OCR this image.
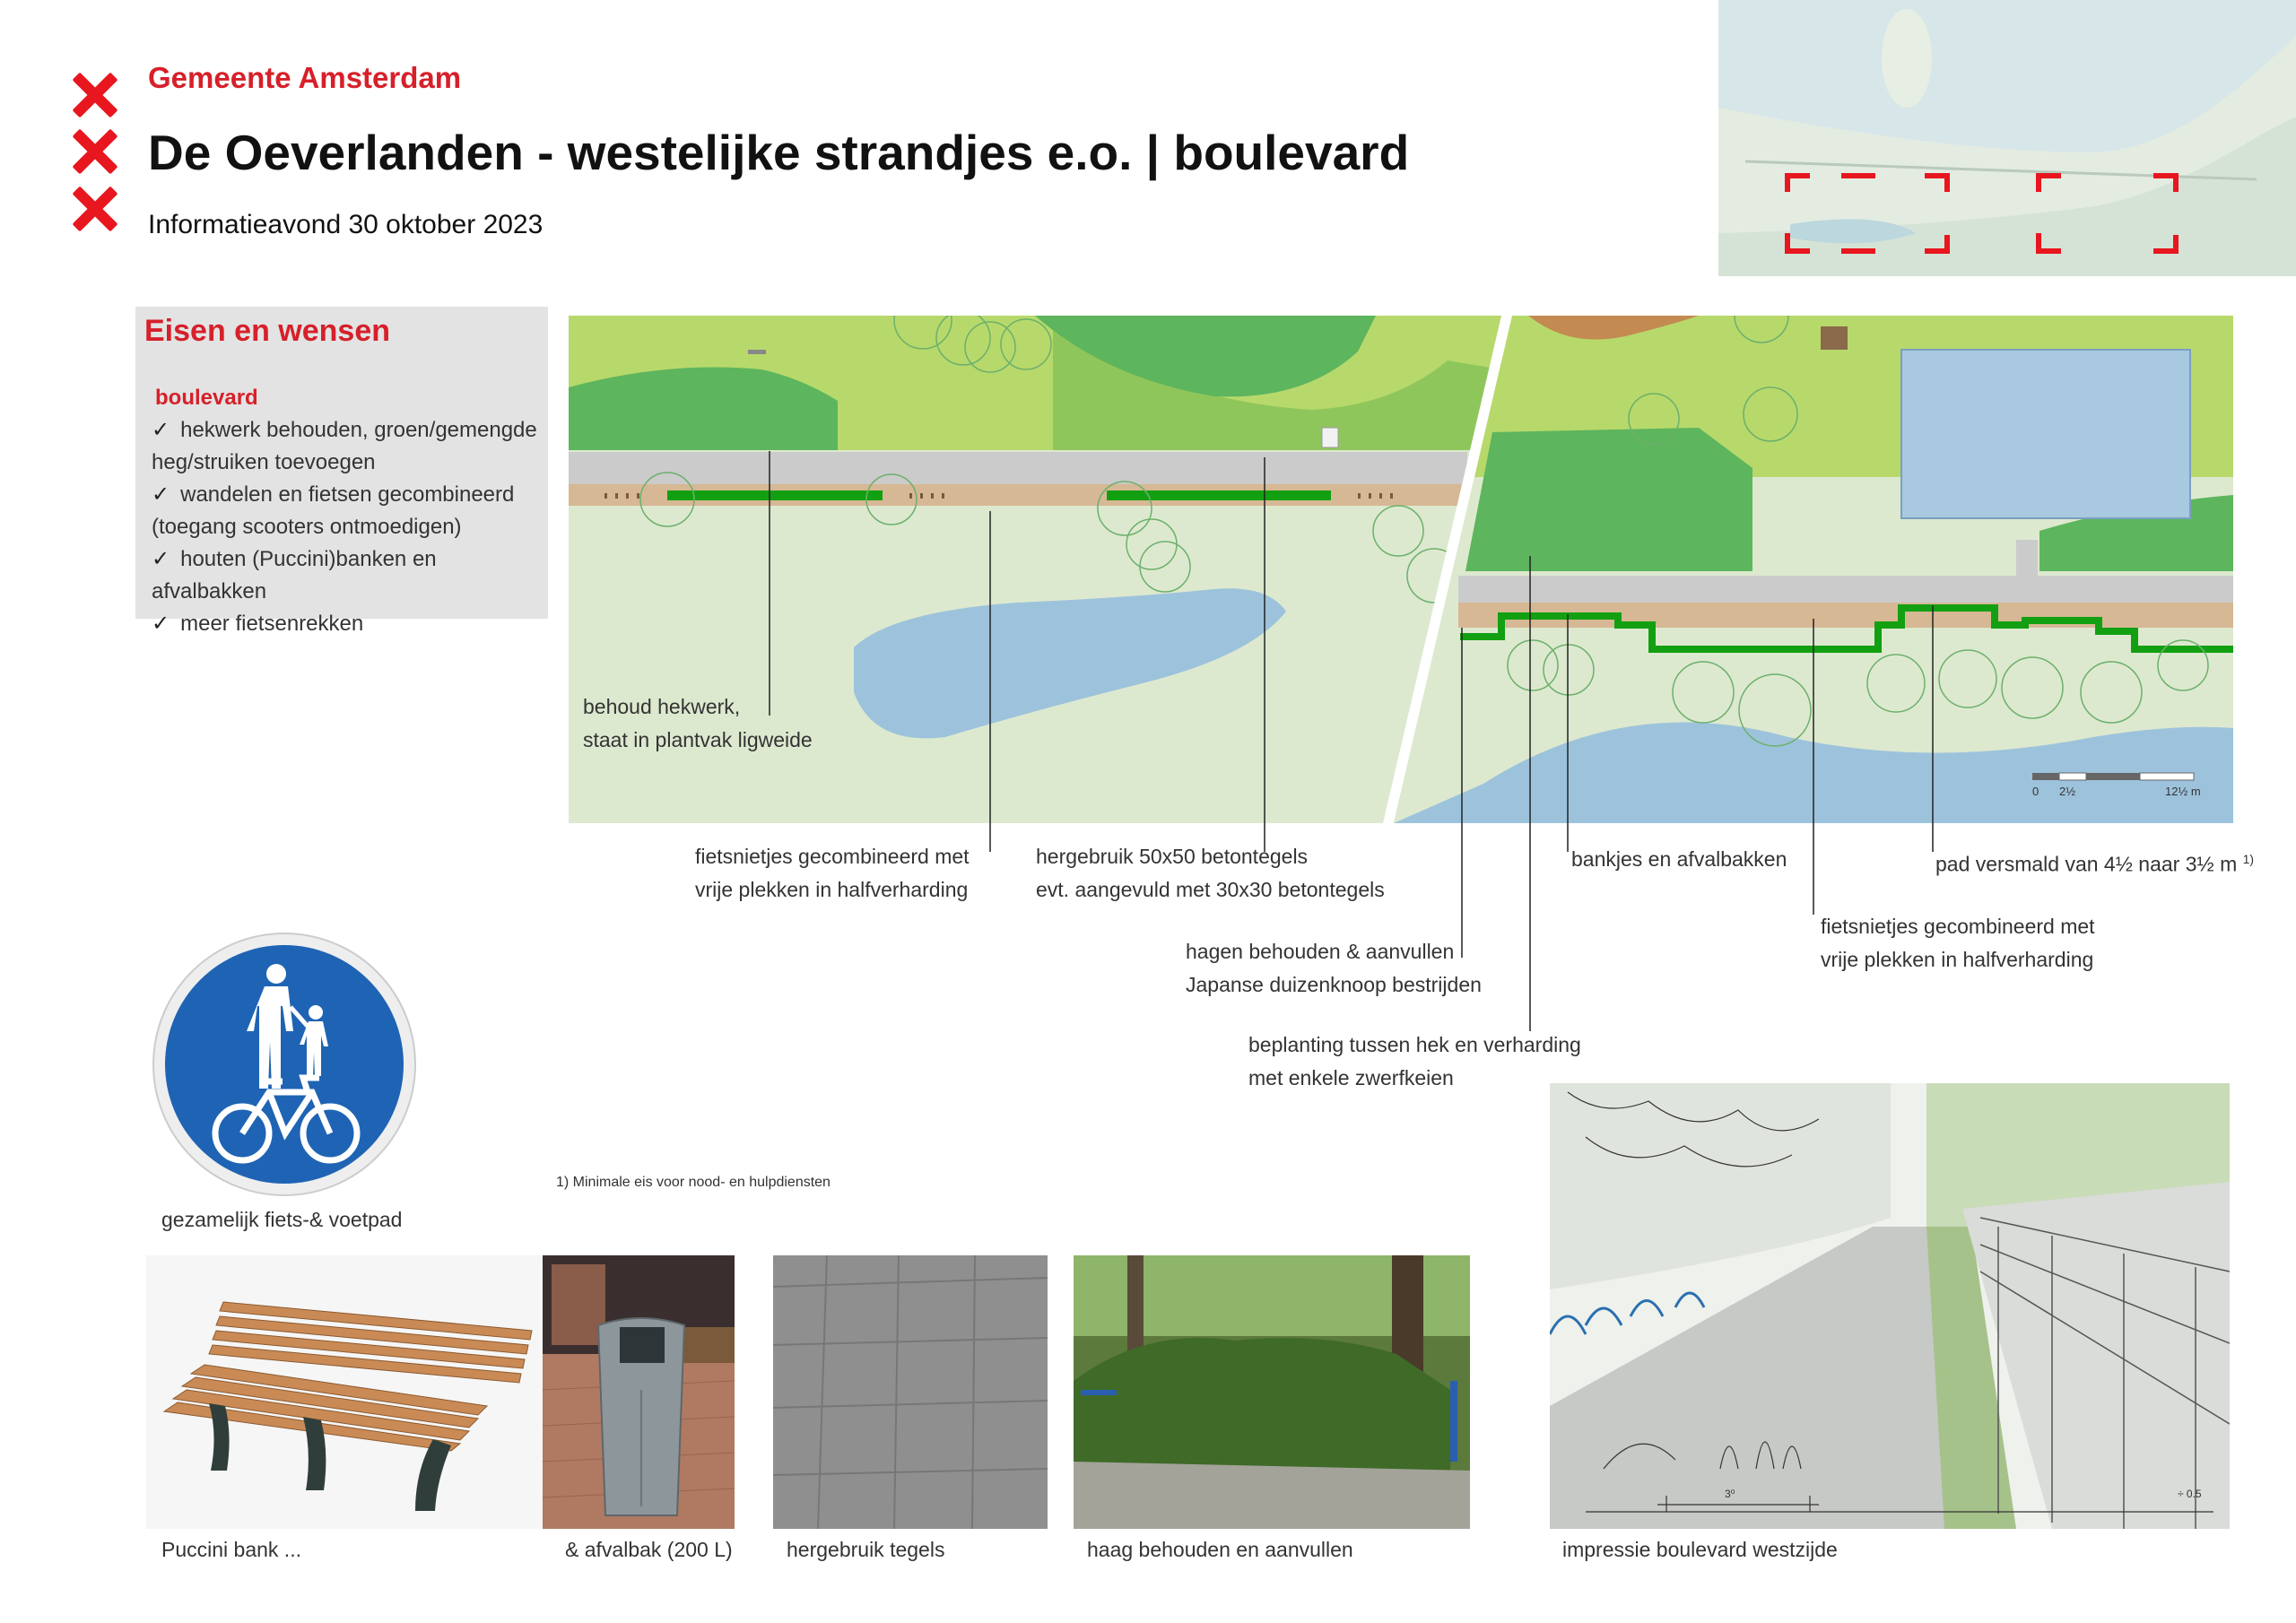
Gemeente Amsterdam
De Oeverlanden - westelijke strandjes e.o. | boulevard
Informatieavond 30 oktober 2023
Eisen en wensen
boulevard
✓ hekwerk behouden, groen/gemengde heg/struiken toevoegen
✓ wandelen en fietsen gecombineerd (toegang scooters ontmoedigen)
✓ houten (Puccini)banken en afvalbakken
✓ meer fietsenrekken
0 2½	12½ m
behoud hekwerk,
staat in plantvak ligweide
fietsnietjes gecombineerd met
vrije plekken in halfverharding
hergebruik 50x50 betontegels
evt. aangevuld met 30x30 betontegels
hagen behouden & aanvullen
Japanse duizenknoop bestrijden
beplanting tussen hek en verharding
met enkele zwerfkeien
bankjes en afvalbakken	pad versmald van 4½ naar 3½ m $^{1)}$
fietsnietjes gecombineerd met
vrije plekken in halfverharding
gezamelijk fiets-& voetpad
1) Minimale eis voor nood- en hulpdiensten
Puccini bank ...	& afvalbak (200 L)	hergebruik tegels	haag behouden en aanvullen
3⁰	÷ 0.5
impressie boulevard westzijde
